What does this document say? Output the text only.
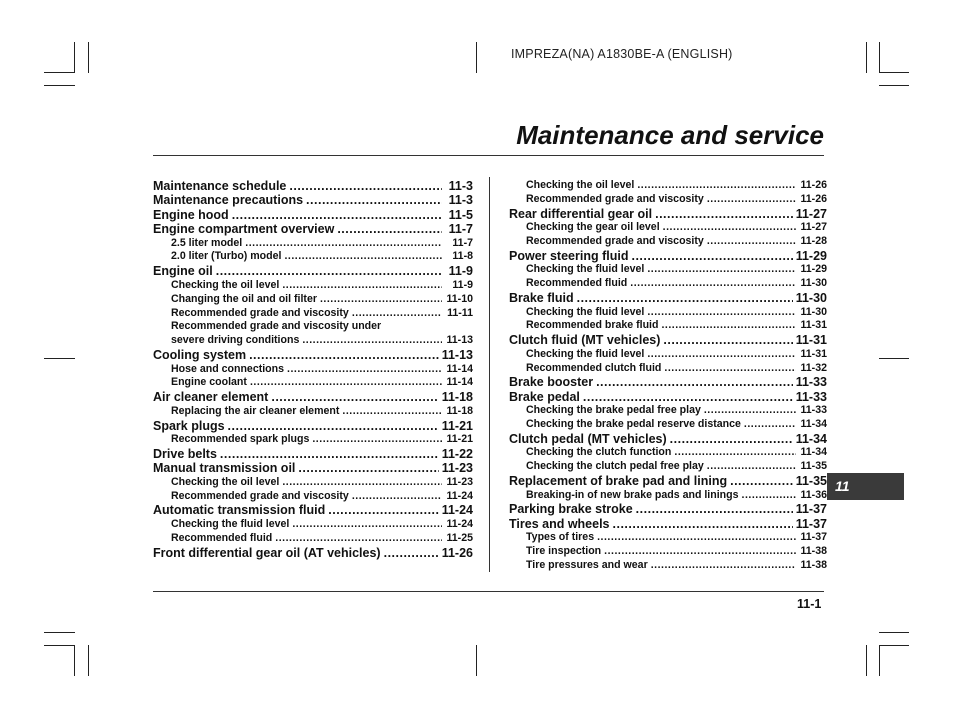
IMPREZA(NA) A1830BE-A (ENGLISH)
Maintenance and service
Maintenance schedule .....	11-3
Maintenance precautions .....	11-3
Engine hood .....	11-5
Engine compartment overview .....	11-7
2.5 liter model .....	11-7
2.0 liter (Turbo) model .....	11-8
Engine oil .....	11-9
Checking the oil level .....	11-9
Changing the oil and oil filter .....	11-10
Recommended grade and viscosity .....	11-11
Recommended grade and viscosity under
severe driving conditions .....	11-13
Cooling system .....	11-13
Hose and connections .....	11-14
Engine coolant .....	11-14
Air cleaner element .....	11-18
Replacing the air cleaner element .....	11-18
Spark plugs .....	11-21
Recommended spark plugs .....	11-21
Drive belts .....	11-22
Manual transmission oil .....	11-23
Checking the oil level .....	11-23
Recommended grade and viscosity .....	11-24
Automatic transmission fluid .....	11-24
Checking the fluid level .....	11-24
Recommended fluid .....	11-25
Front differential gear oil (AT vehicles) .....	11-26
Checking the oil level .....	11-26
Recommended grade and viscosity .....	11-26
Rear differential gear oil .....	11-27
Checking the gear oil level .....	11-27
Recommended grade and viscosity .....	11-28
Power steering fluid .....	11-29
Checking the fluid level .....	11-29
Recommended fluid .....	11-30
Brake fluid .....	11-30
Checking the fluid level .....	11-30
Recommended brake fluid .....	11-31
Clutch fluid (MT vehicles) .....	11-31
Checking the fluid level .....	11-31
Recommended clutch fluid .....	11-32
Brake booster .....	11-33
Brake pedal .....	11-33
Checking the brake pedal free play .....	11-33
Checking the brake pedal reserve distance .....	11-34
Clutch pedal (MT vehicles) .....	11-34
Checking the clutch function .....	11-34
Checking the clutch pedal free play .....	11-35
Replacement of brake pad and lining .....	11-35
Breaking-in of new brake pads and linings .....	11-36
Parking brake stroke .....	11-37
Tires and wheels .....	11-37
Types of tires .....	11-37
Tire inspection .....	11-38
Tire pressures and wear .....	11-38
11-1
11
